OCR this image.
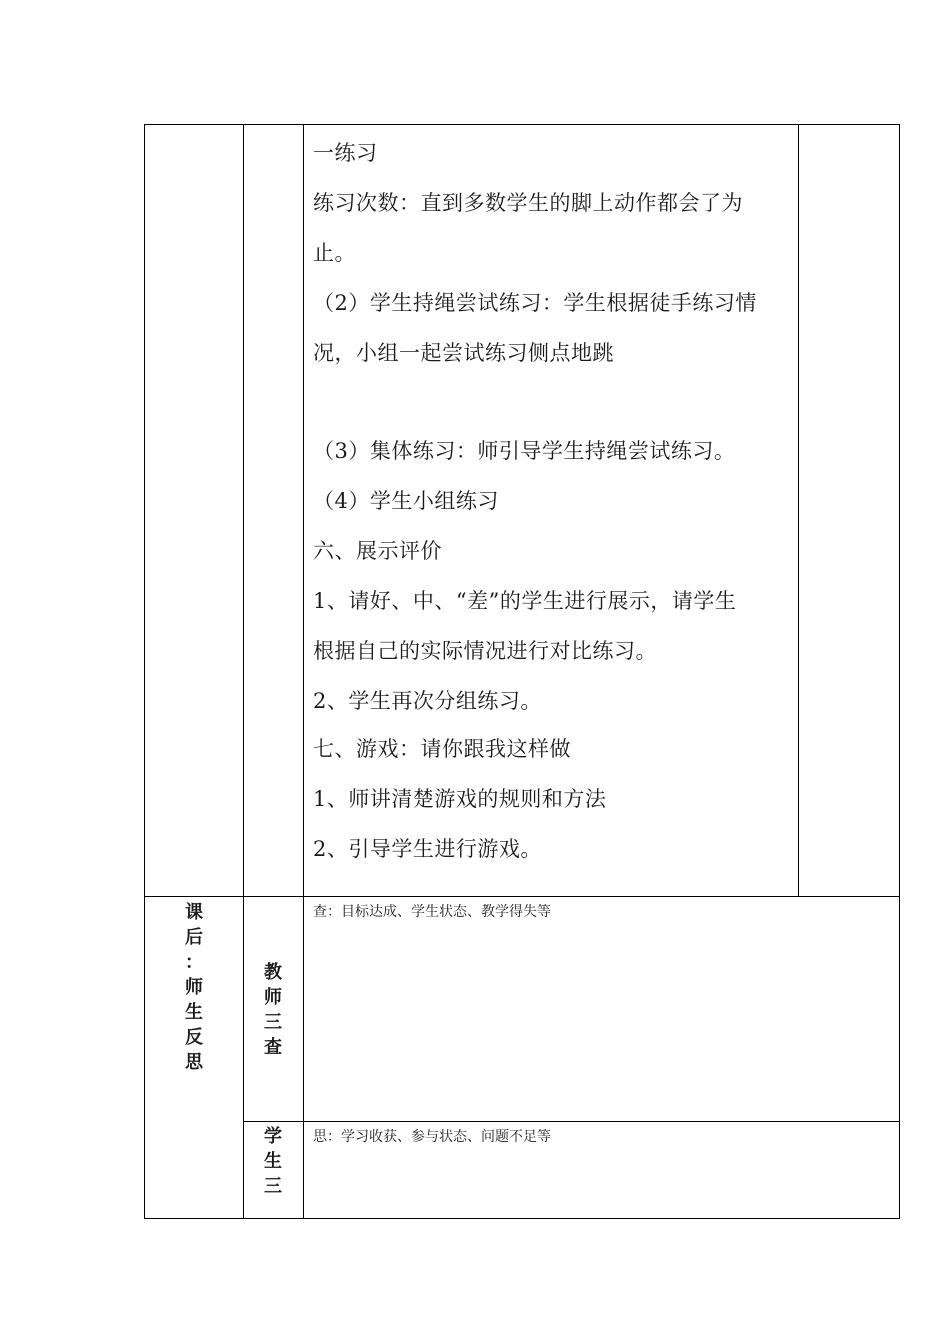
一练习
练习次数：直到多数学生的脚上动作都会了为
止。
（2）学生持绳尝试练习：学生根据徒手练习情
况，小组一起尝试练习侧点地跳
（3）集体练习：师引导学生持绳尝试练习。
（4）学生小组练习
六、展示评价
1、请好、中、“差”的学生进行展示，请学生
根据自己的实际情况进行对比练习。
2、学生再次分组练习。
七、游戏：请你跟我这样做
1、师讲清楚游戏的规则和方法
2、引导学生进行游戏。
课
后
：
师
生
反
思
教
师
三
查
查：目标达成、学生状态、教学得失等
学
生
三
思：学习收获、参与状态、问题不足等
